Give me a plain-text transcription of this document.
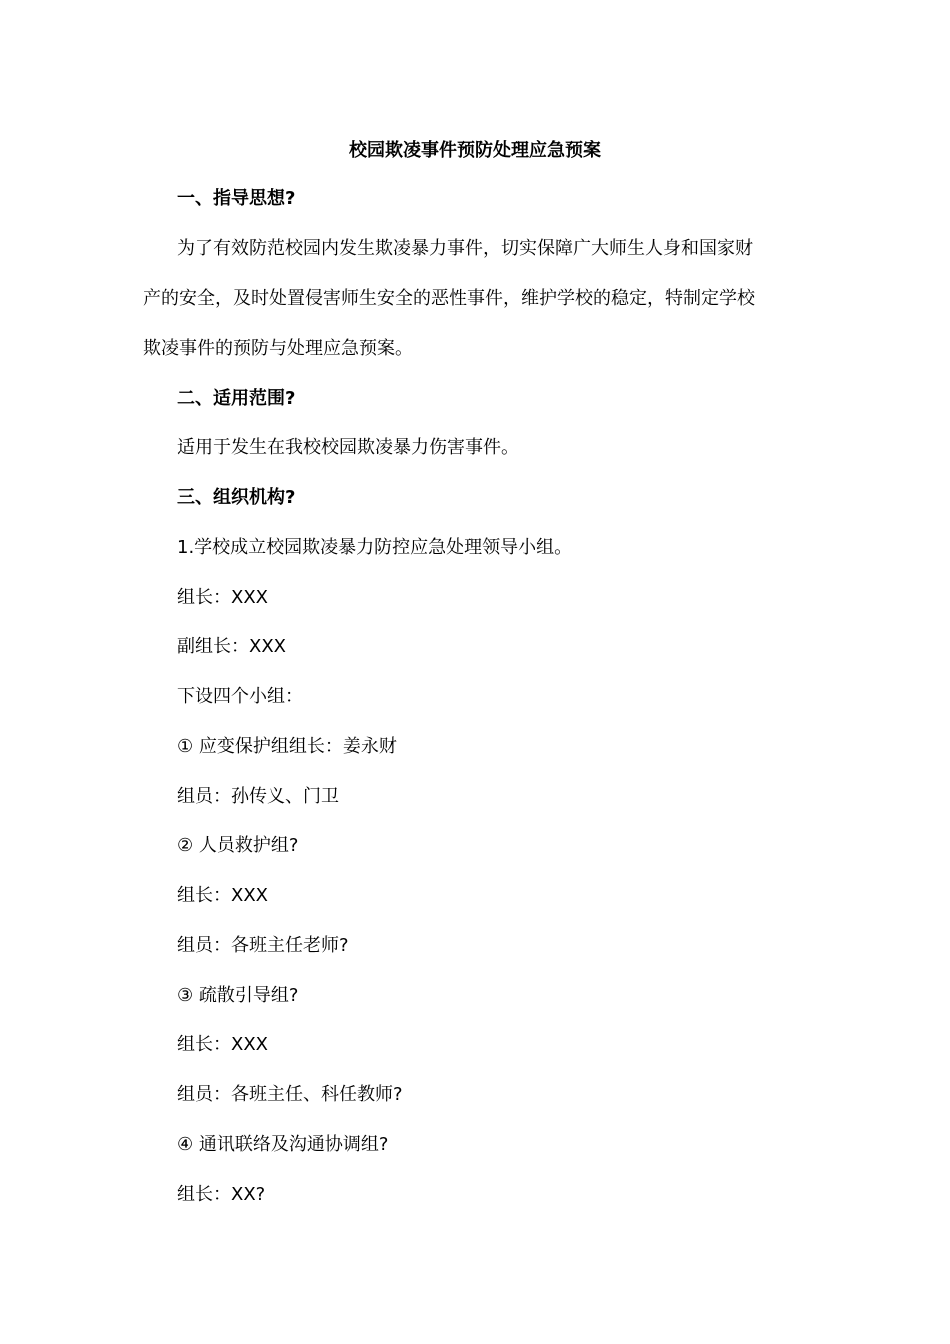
校园欺凌事件预防处理应急预案
一、指导思想?
为了有效防范校园内发生欺凌暴力事件，切实保障广大师生人身和国家财
产的安全，及时处置侵害师生安全的恶性事件，维护学校的稳定，特制定学校
欺凌事件的预防与处理应急预案。
二、适用范围?
适用于发生在我校校园欺凌暴力伤害事件。
三、组织机构?
1.学校成立校园欺凌暴力防控应急处理领导小组。
组长：XXX
副组长：XXX
下设四个小组：
① 应变保护组组长：姜永财
组员：孙传义、门卫
② 人员救护组?
组长：XXX
组员：各班主任老师?
③ 疏散引导组?
组长：XXX
组员：各班主任、科任教师?
④ 通讯联络及沟通协调组?
组长：XX?
